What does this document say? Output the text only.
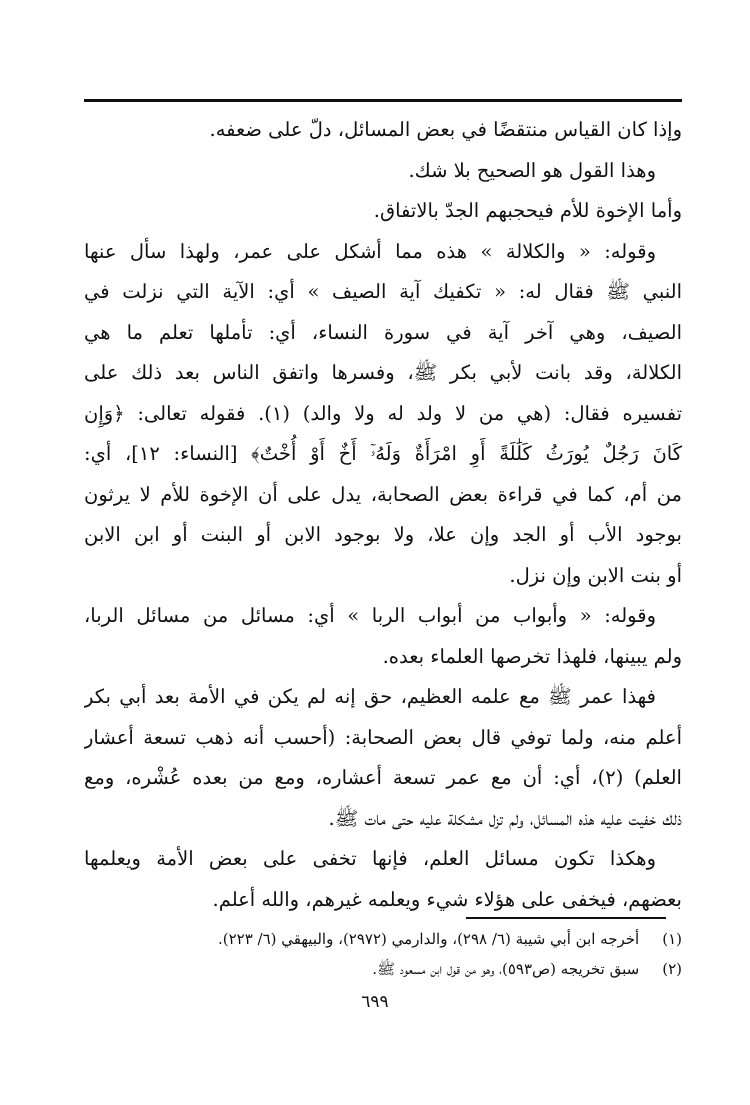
وإذا كان القياس منتقضًا في بعض المسائل، دلّ على ضعفه.
وهذا القول هو الصحيح بلا شك.
وأما الإخوة للأم فيحجبهم الجدّ بالاتفاق.
وقوله: « والكلالة » هذه مما أشكل على عمر، ولهذا سأل عنها
النبي ﷺ فقال له: « تكفيك آية الصيف » أي: الآية التي نزلت في
الصيف، وهي آخر آية في سورة النساء، أي: تأملها تعلم ما هي
الكلالة، وقد بانت لأبي بكر ﷺ، وفسرها واتفق الناس بعد ذلك على
تفسيره فقال: (هي من لا ولد له ولا والد) (١). فقوله تعالى: ﴿وَإِن
كَانَ رَجُلٌ يُورَثُ كَلَٰلَةً أَوِ امْرَأَةٌ وَلَهُۥٓ أَخٌ أَوْ أُخْتٌ﴾ [النساء: ١٢]، أي:
من أم، كما في قراءة بعض الصحابة، يدل على أن الإخوة للأم لا يرثون
بوجود الأب أو الجد وإن علا، ولا بوجود الابن أو البنت أو ابن الابن
أو بنت الابن وإن نزل.
وقوله: « وأبواب من أبواب الربا » أي: مسائل من مسائل الربا،
ولم يبينها، فلهذا تخرصها العلماء بعده.
فهذا عمر ﷺ مع علمه العظيم، حق إنه لم يكن في الأمة بعد أبي بكر
أعلم منه، ولما توفي قال بعض الصحابة: (أحسب أنه ذهب تسعة أعشار
العلم) (٢)، أي: أن مع عمر تسعة أعشاره، ومع من بعده عُشْره، ومع
ذلك خفيت عليه هذه المسائل، ولم تزل مشكلة عليه حتى مات ﷺ.
وهكذا تكون مسائل العلم، فإنها تخفى على بعض الأمة ويعلمها
بعضهم، فيخفى على هؤلاء شيء ويعلمه غيرهم، والله أعلم.
(١) أخرجه ابن أبي شيبة (٦/ ٢٩٨)، والدارمي (٢٩٧٢)، والبيهقي (٦/ ٢٢٣).
(٢) سبق تخريجه (ص٥٩٣)، وهو من قول ابن مسعود ﷺ.
٦٩٩
